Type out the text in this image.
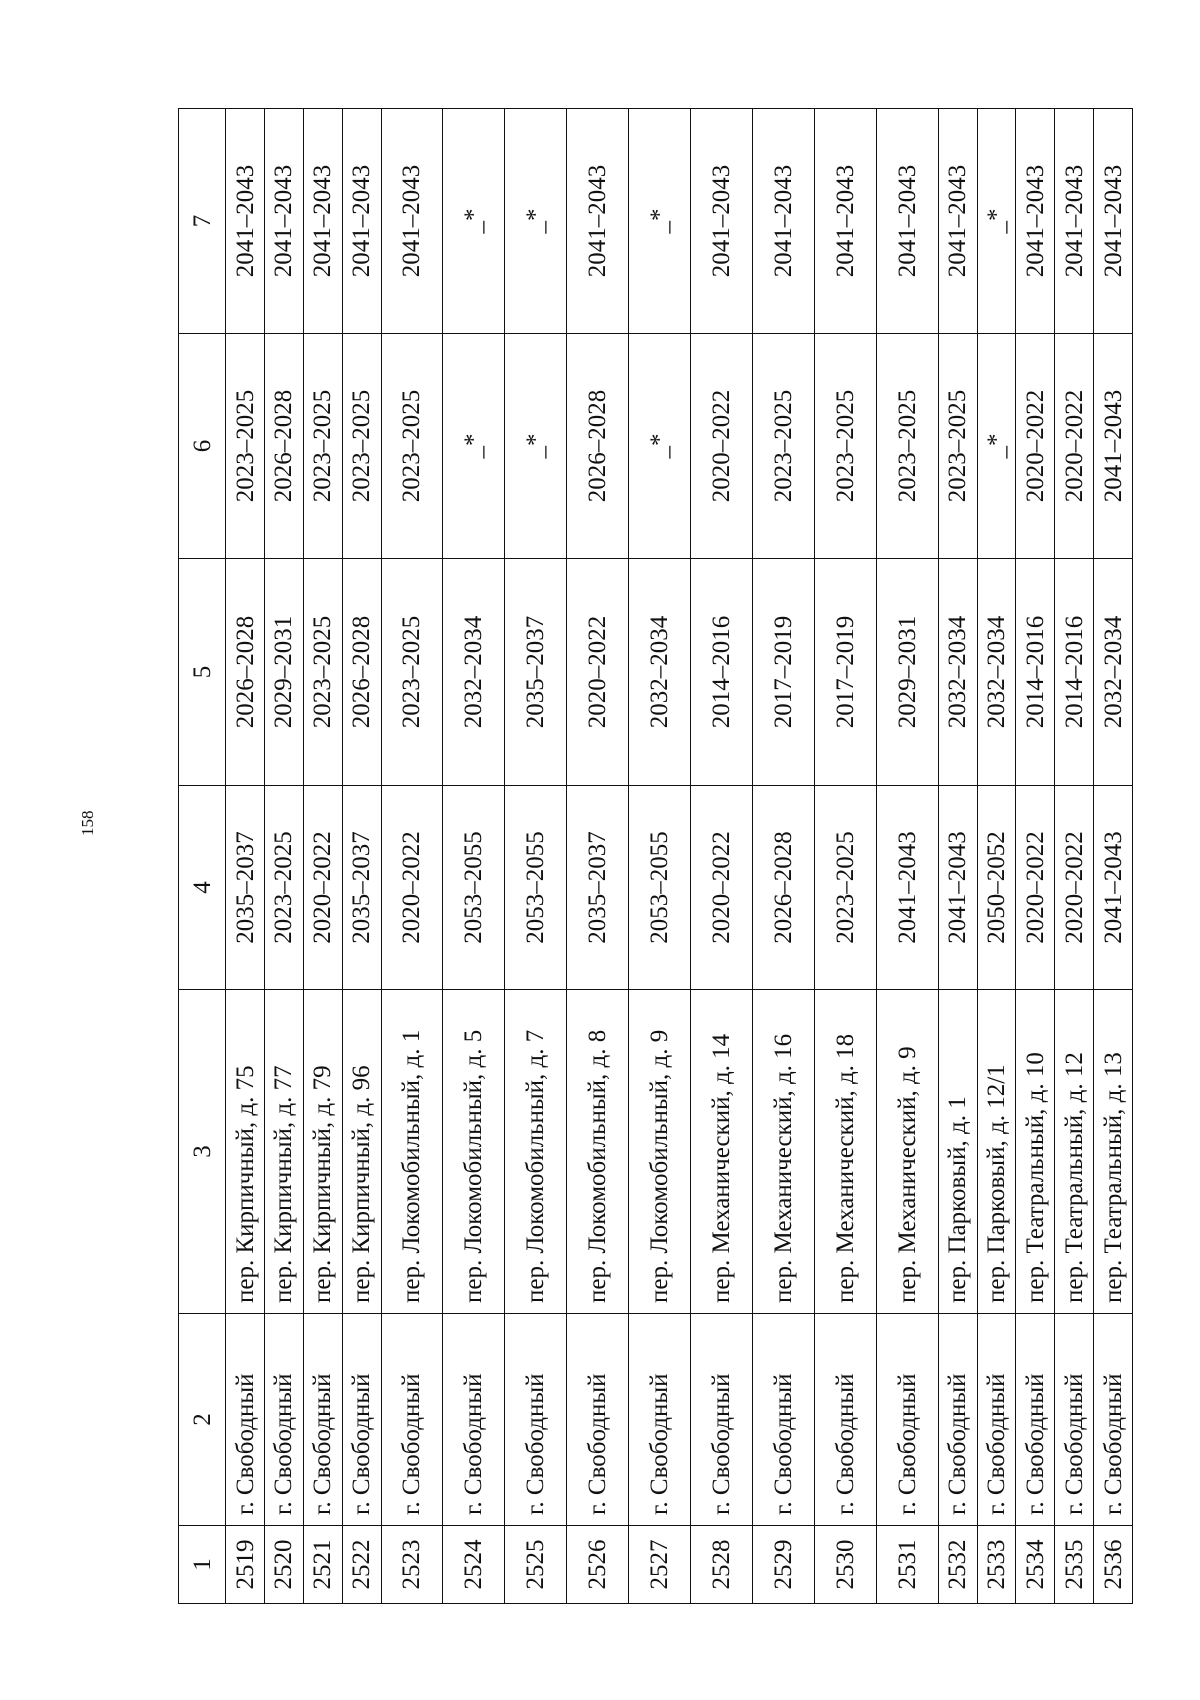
158
1	2	3	4	5	6	7
2519	г. Свободный	пер. Кирпичный, д. 75	2035–2037	2026–2028	2023–2025	2041–2043
2520	г. Свободный	пер. Кирпичный, д. 77	2023–2025	2029–2031	2026–2028	2041–2043
2521	г. Свободный	пер. Кирпичный, д. 79	2020–2022	2023–2025	2023–2025	2041–2043
2522	г. Свободный	пер. Кирпичный, д. 96	2035–2037	2026–2028	2023–2025	2041–2043
2523	г. Свободный	пер. Локомобильный, д. 1	2020–2022	2023–2025	2023–2025	2041–2043
2524	г. Свободный	пер. Локомобильный, д. 5	2053–2055	2032–2034	_*	_*
2525	г. Свободный	пер. Локомобильный, д. 7	2053–2055	2035–2037	_*	_*
2526	г. Свободный	пер. Локомобильный, д. 8	2035–2037	2020–2022	2026–2028	2041–2043
2527	г. Свободный	пер. Локомобильный, д. 9	2053–2055	2032–2034	_*	_*
2528	г. Свободный	пер. Механический, д. 14	2020–2022	2014–2016	2020–2022	2041–2043
2529	г. Свободный	пер. Механический, д. 16	2026–2028	2017–2019	2023–2025	2041–2043
2530	г. Свободный	пер. Механический, д. 18	2023–2025	2017–2019	2023–2025	2041–2043
2531	г. Свободный	пер. Механический, д. 9	2041–2043	2029–2031	2023–2025	2041–2043
2532	г. Свободный	пер. Парковый, д. 1	2041–2043	2032–2034	2023–2025	2041–2043
2533	г. Свободный	пер. Парковый, д. 12/1	2050–2052	2032–2034	_*	_*
2534	г. Свободный	пер. Театральный, д. 10	2020–2022	2014–2016	2020–2022	2041–2043
2535	г. Свободный	пер. Театральный, д. 12	2020–2022	2014–2016	2020–2022	2041–2043
2536	г. Свободный	пер. Театральный, д. 13	2041–2043	2032–2034	2041–2043	2041–2043
